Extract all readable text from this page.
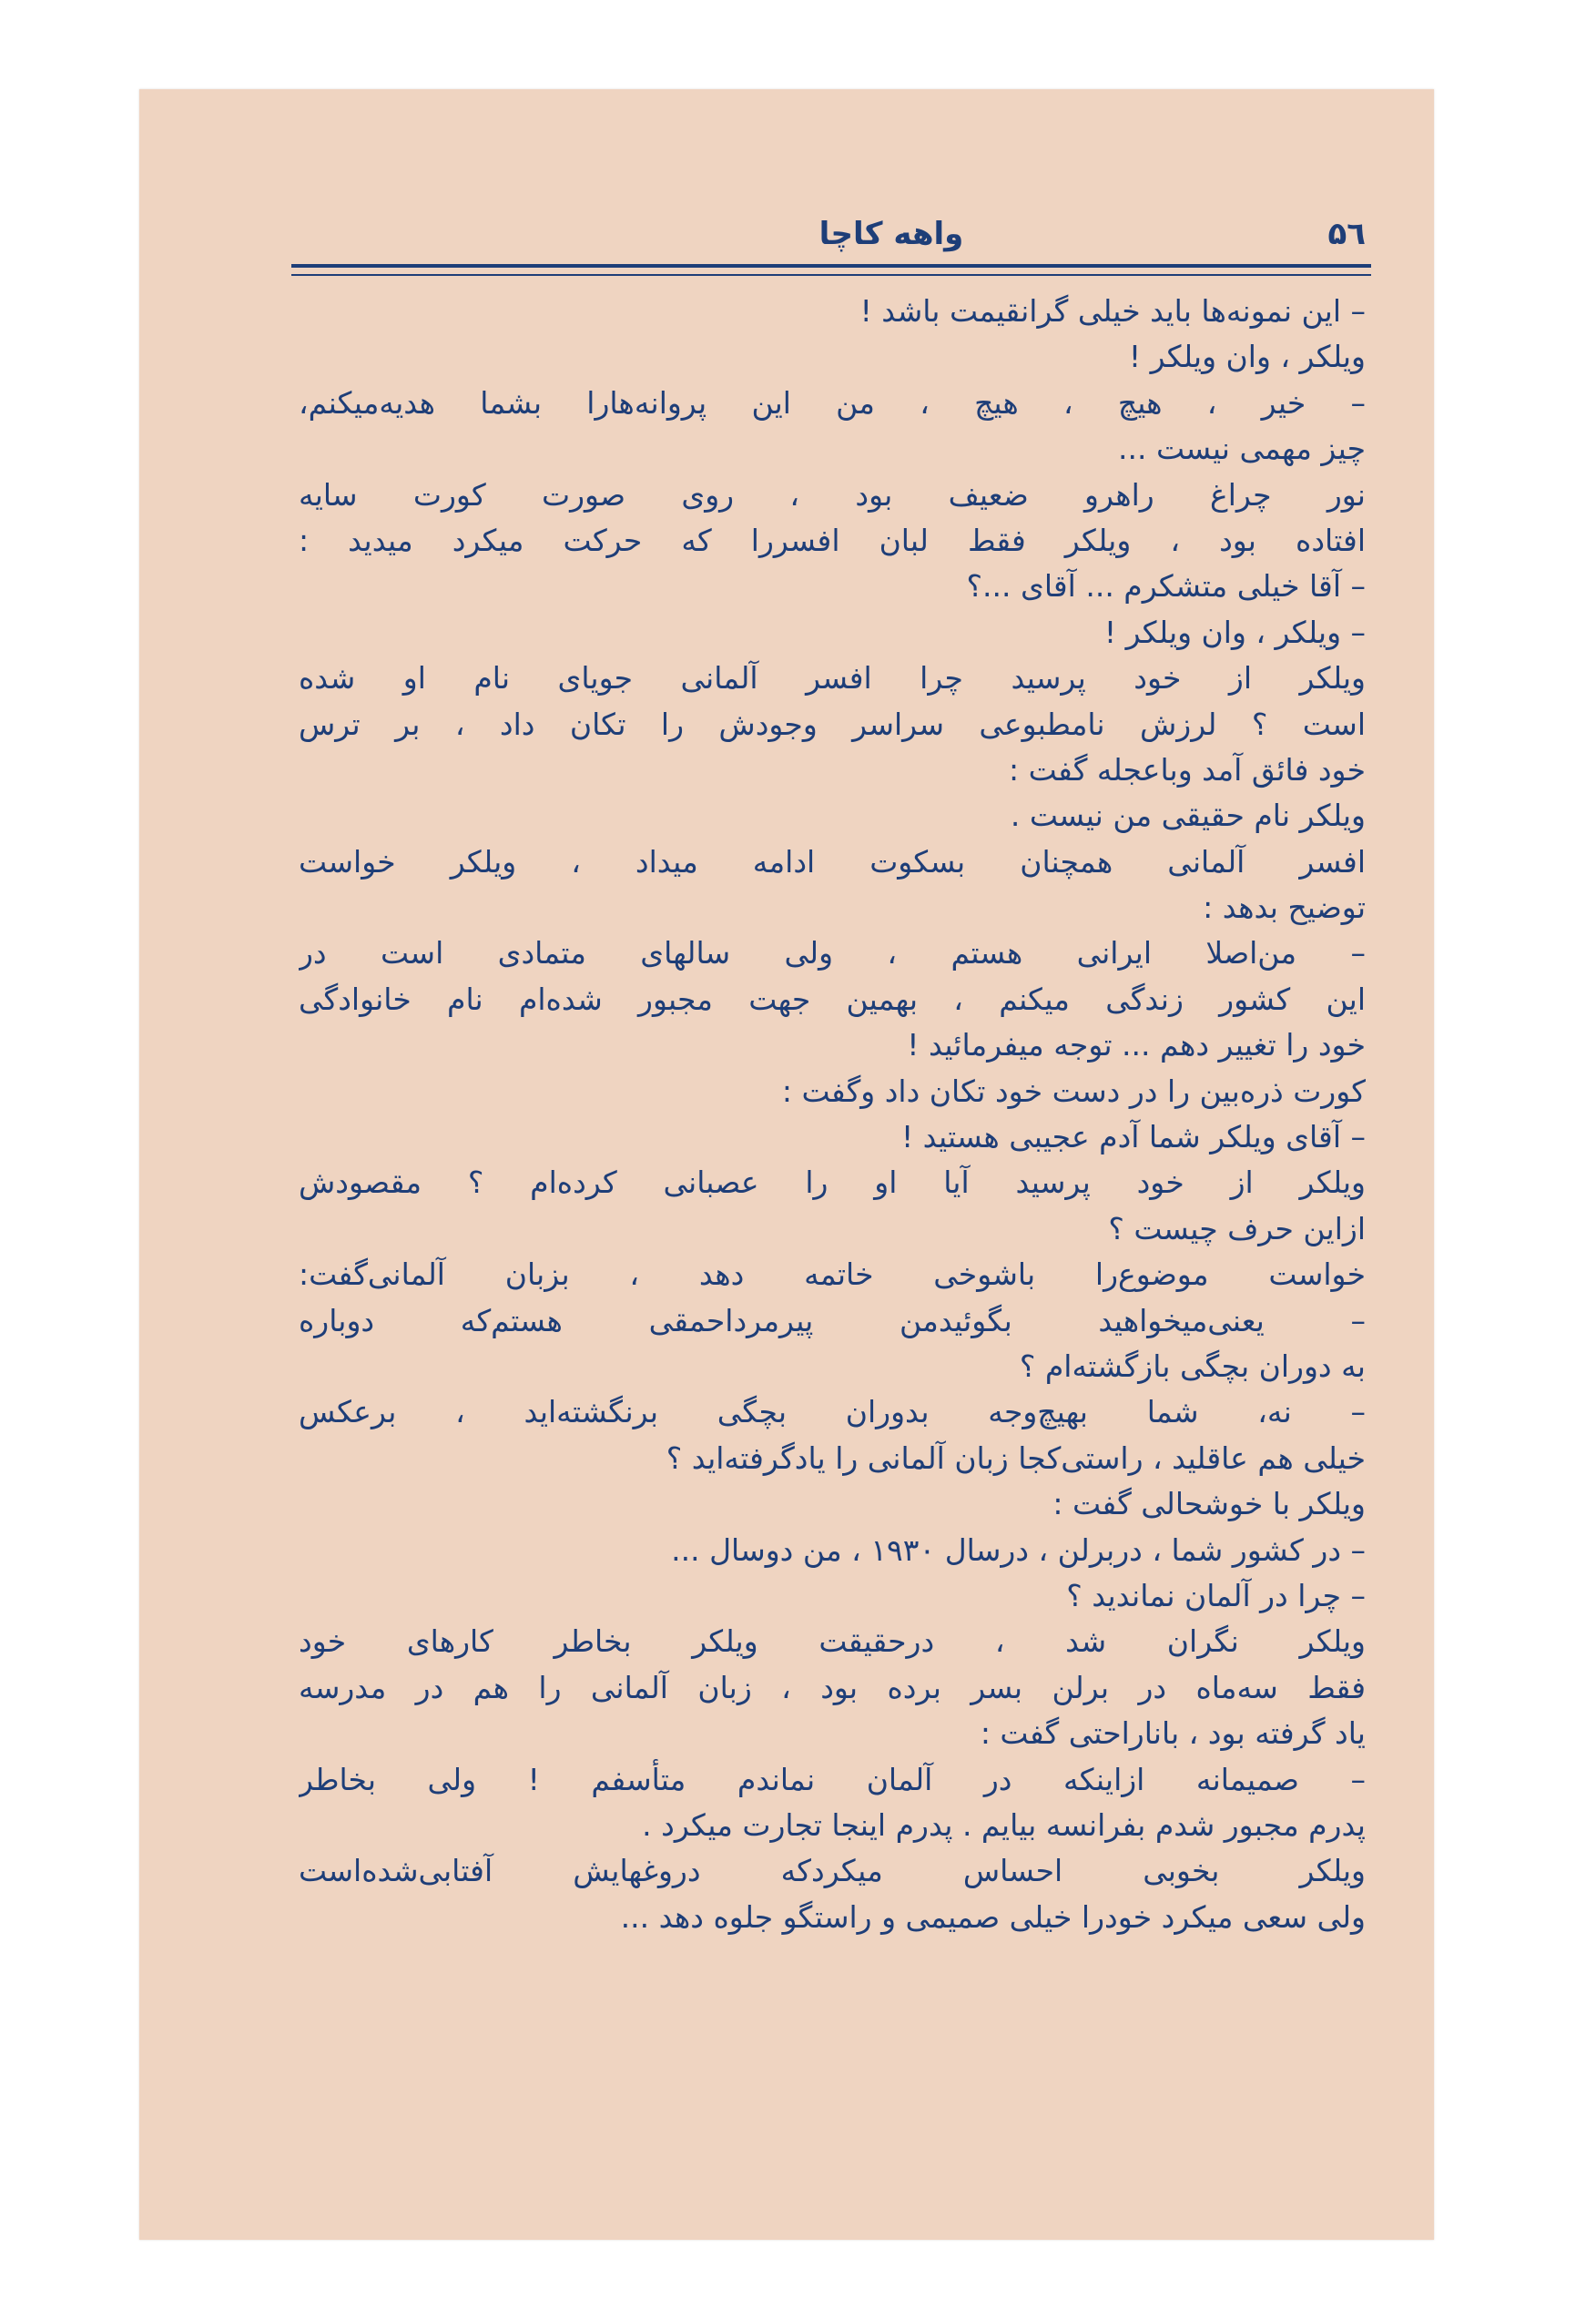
۵٦
واهه کاچا
– این نمونه‌ها باید خیلی گرانقیمت باشد !
ویلکر ، وان ویلکر !
– خیر ، هیچ ، هیچ ، من این پروانه‌هارا بشما هدیه‌میکنم،
چیز مهمی نیست ...
نور چراغ راهرو ضعیف بود ، روی صورت کورت سایه
افتاده بود ، ویلکر فقط لبان افسررا که حرکت میکرد میدید :
– آقا خیلی متشکرم ... آقای ...؟
– ویلکر ، وان ویلکر !
ویلکر از خود پرسید چرا افسر آلمانی جویای نام او شده
است ؟ لرزش نامطبوعی سراسر وجودش را تکان داد ، بر ترس
خود فائق آمد وباعجله گفت :
ویلکر نام حقیقی من نیست .
افسر آلمانی همچنان بسکوت ادامه میداد ، ویلکر خواست
توضیح بدهد :
– من‌اصلا ایرانی هستم ، ولی سالهای متمادی است در
این کشور زندگی میکنم ، بهمین جهت مجبور شده‌ام نام خانوادگی
خود را تغییر دهم ... توجه میفرمائید !
کورت ذره‌بین را در دست خود تکان داد وگفت :
– آقای ویلکر شما آدم عجیبی هستید !
ویلکر از خود پرسید آیا او را عصبانی کرده‌ام ؟ مقصودش
ازاین حرف چیست ؟
خواست موضوع‌را باشوخی خاتمه دهد ، بزبان آلمانی‌گفت:
– یعنی‌میخواهید بگوئیدمن پیرمرداحمقی هستم‌که دوباره
به دوران بچگی بازگشته‌ام ؟
– نه، شما بهیچ‌وجه بدوران بچگی برنگشته‌اید ، برعکس
خیلی هم عاقلید ، راستی‌کجا زبان آلمانی را یادگرفته‌اید ؟
ویلکر با خوشحالی گفت :
– در کشور شما ، دربرلن ، درسال ۱۹۳۰ ، من دوسال ...
– چرا در آلمان نماندید ؟
ویلکر نگران شد ، درحقیقت ویلکر بخاطر کارهای خود
فقط سه‌ماه در برلن بسر برده بود ، زبان آلمانی را هم در مدرسه
یاد گرفته بود ، باناراحتی گفت :
– صمیمانه ازاینکه در آلمان نماندم متأسفم ! ولی بخاطر
پدرم مجبور شدم بفرانسه بیایم . پدرم اینجا تجارت میکرد .
ویلکر بخوبی احساس میکردکه دروغهایش آفتابی‌شده‌است
ولی سعی میکرد خودرا خیلی صمیمی و راستگو جلوه دهد ...
